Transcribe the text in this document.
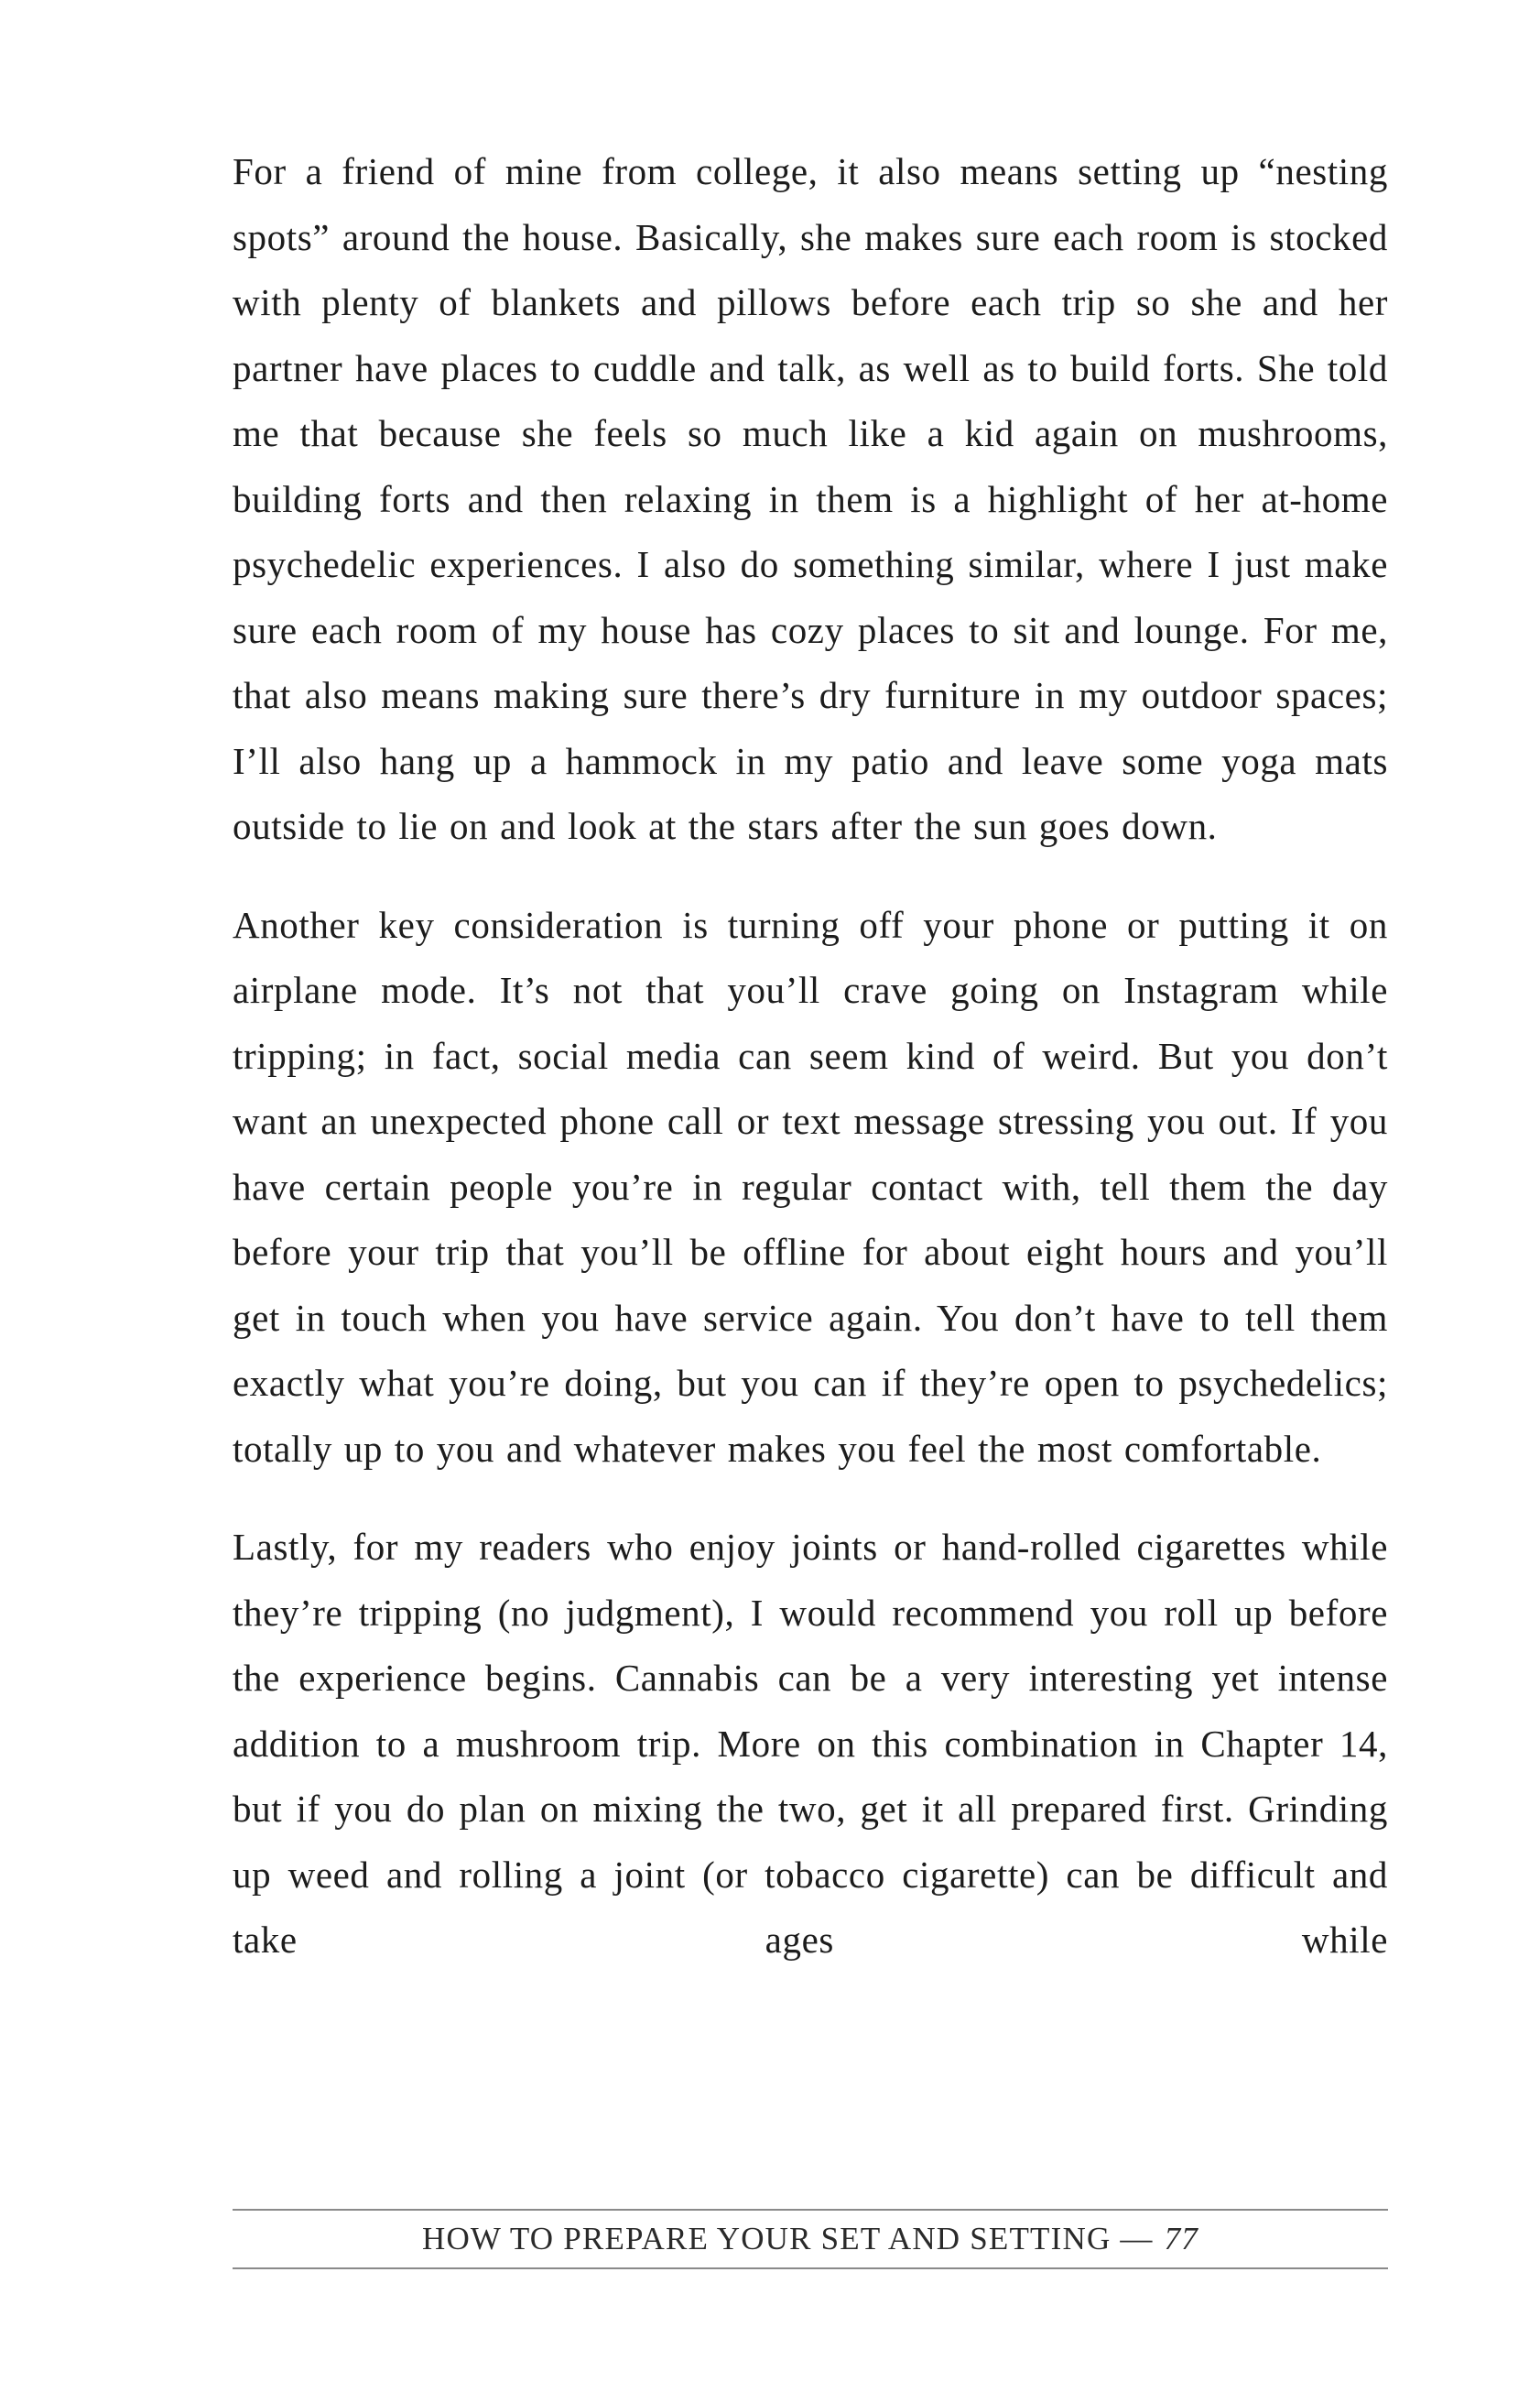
For a friend of mine from college, it also means setting up “nesting spots” around the house. Basically, she makes sure each room is stocked with plenty of blankets and pillows before each trip so she and her partner have places to cuddle and talk, as well as to build forts. She told me that because she feels so much like a kid again on mushrooms, building forts and then relaxing in them is a highlight of her at-home psychedelic experiences. I also do something similar, where I just make sure each room of my house has cozy places to sit and lounge. For me, that also means making sure there’s dry furniture in my outdoor spaces; I’ll also hang up a hammock in my patio and leave some yoga mats outside to lie on and look at the stars after the sun goes down.

Another key consideration is turning off your phone or putting it on airplane mode. It’s not that you’ll crave going on Instagram while tripping; in fact, social media can seem kind of weird. But you don’t want an unexpected phone call or text message stressing you out. If you have certain people you’re in regular contact with, tell them the day before your trip that you’ll be offline for about eight hours and you’ll get in touch when you have service again. You don’t have to tell them exactly what you’re doing, but you can if they’re open to psychedelics; totally up to you and whatever makes you feel the most comfortable.

Lastly, for my readers who enjoy joints or hand-rolled cigarettes while they’re tripping (no judgment), I would recommend you roll up before the experience begins. Cannabis can be a very interesting yet intense addition to a mushroom trip. More on this combination in Chapter 14, but if you do plan on mixing the two, get it all prepared first. Grinding up weed and rolling a joint (or tobacco cigarette) can be difficult and take ages while

HOW TO PREPARE YOUR SET AND SETTING — 77
